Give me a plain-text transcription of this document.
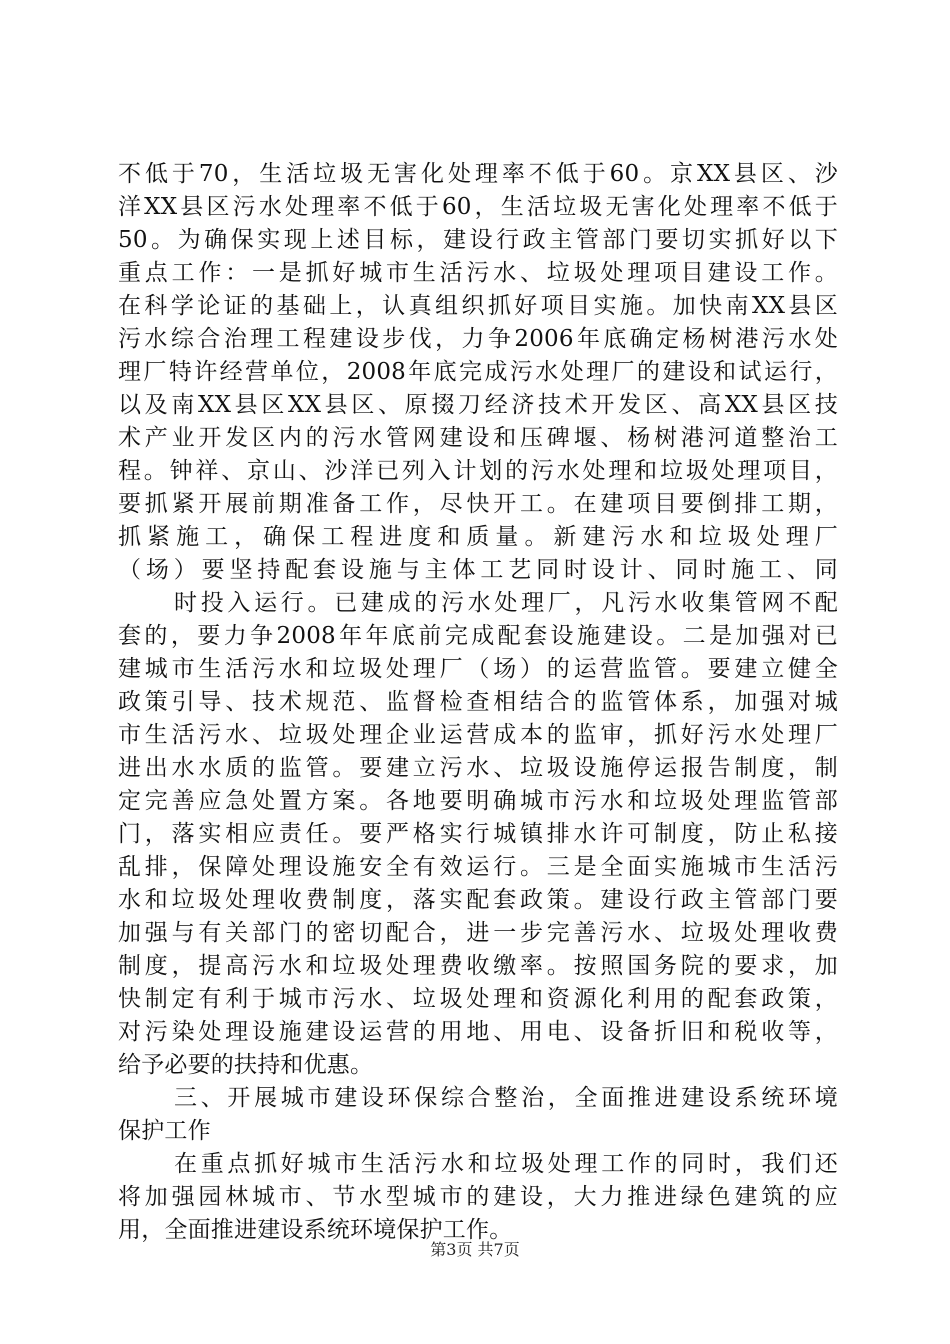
不低于70，生活垃圾无害化处理率不低于60。京XX县区、沙
洋XX县区污水处理率不低于60，生活垃圾无害化处理率不低于
50。为确保实现上述目标，建设行政主管部门要切实抓好以下
重点工作：一是抓好城市生活污水、垃圾处理项目建设工作。
在科学论证的基础上，认真组织抓好项目实施。加快南XX县区
污水综合治理工程建设步伐，力争2006年底确定杨树港污水处
理厂特许经营单位，2008年底完成污水处理厂的建设和试运行，
以及南XX县区XX县区、原掇刀经济技术开发区、高XX县区技
术产业开发区内的污水管网建设和压碑堰、杨树港河道整治工
程。钟祥、京山、沙洋已列入计划的污水处理和垃圾处理项目，
要抓紧开展前期准备工作，尽快开工。在建项目要倒排工期，
抓紧施工，确保工程进度和质量。新建污水和垃圾处理厂
（场）要坚持配套设施与主体工艺同时设计、同时施工、同
时投入运行。已建成的污水处理厂，凡污水收集管网不配
套的，要力争2008年年底前完成配套设施建设。二是加强对已
建城市生活污水和垃圾处理厂（场）的运营监管。要建立健全
政策引导、技术规范、监督检查相结合的监管体系，加强对城
市生活污水、垃圾处理企业运营成本的监审，抓好污水处理厂
进出水水质的监管。要建立污水、垃圾设施停运报告制度，制
定完善应急处置方案。各地要明确城市污水和垃圾处理监管部
门，落实相应责任。要严格实行城镇排水许可制度，防止私接
乱排，保障处理设施安全有效运行。三是全面实施城市生活污
水和垃圾处理收费制度，落实配套政策。建设行政主管部门要
加强与有关部门的密切配合，进一步完善污水、垃圾处理收费
制度，提高污水和垃圾处理费收缴率。按照国务院的要求，加
快制定有利于城市污水、垃圾处理和资源化利用的配套政策，
对污染处理设施建设运营的用地、用电、设备折旧和税收等，
给予必要的扶持和优惠。
三、开展城市建设环保综合整治，全面推进建设系统环境
保护工作
在重点抓好城市生活污水和垃圾处理工作的同时，我们还
将加强园林城市、节水型城市的建设，大力推进绿色建筑的应
用，全面推进建设系统环境保护工作。
第3页 共7页
